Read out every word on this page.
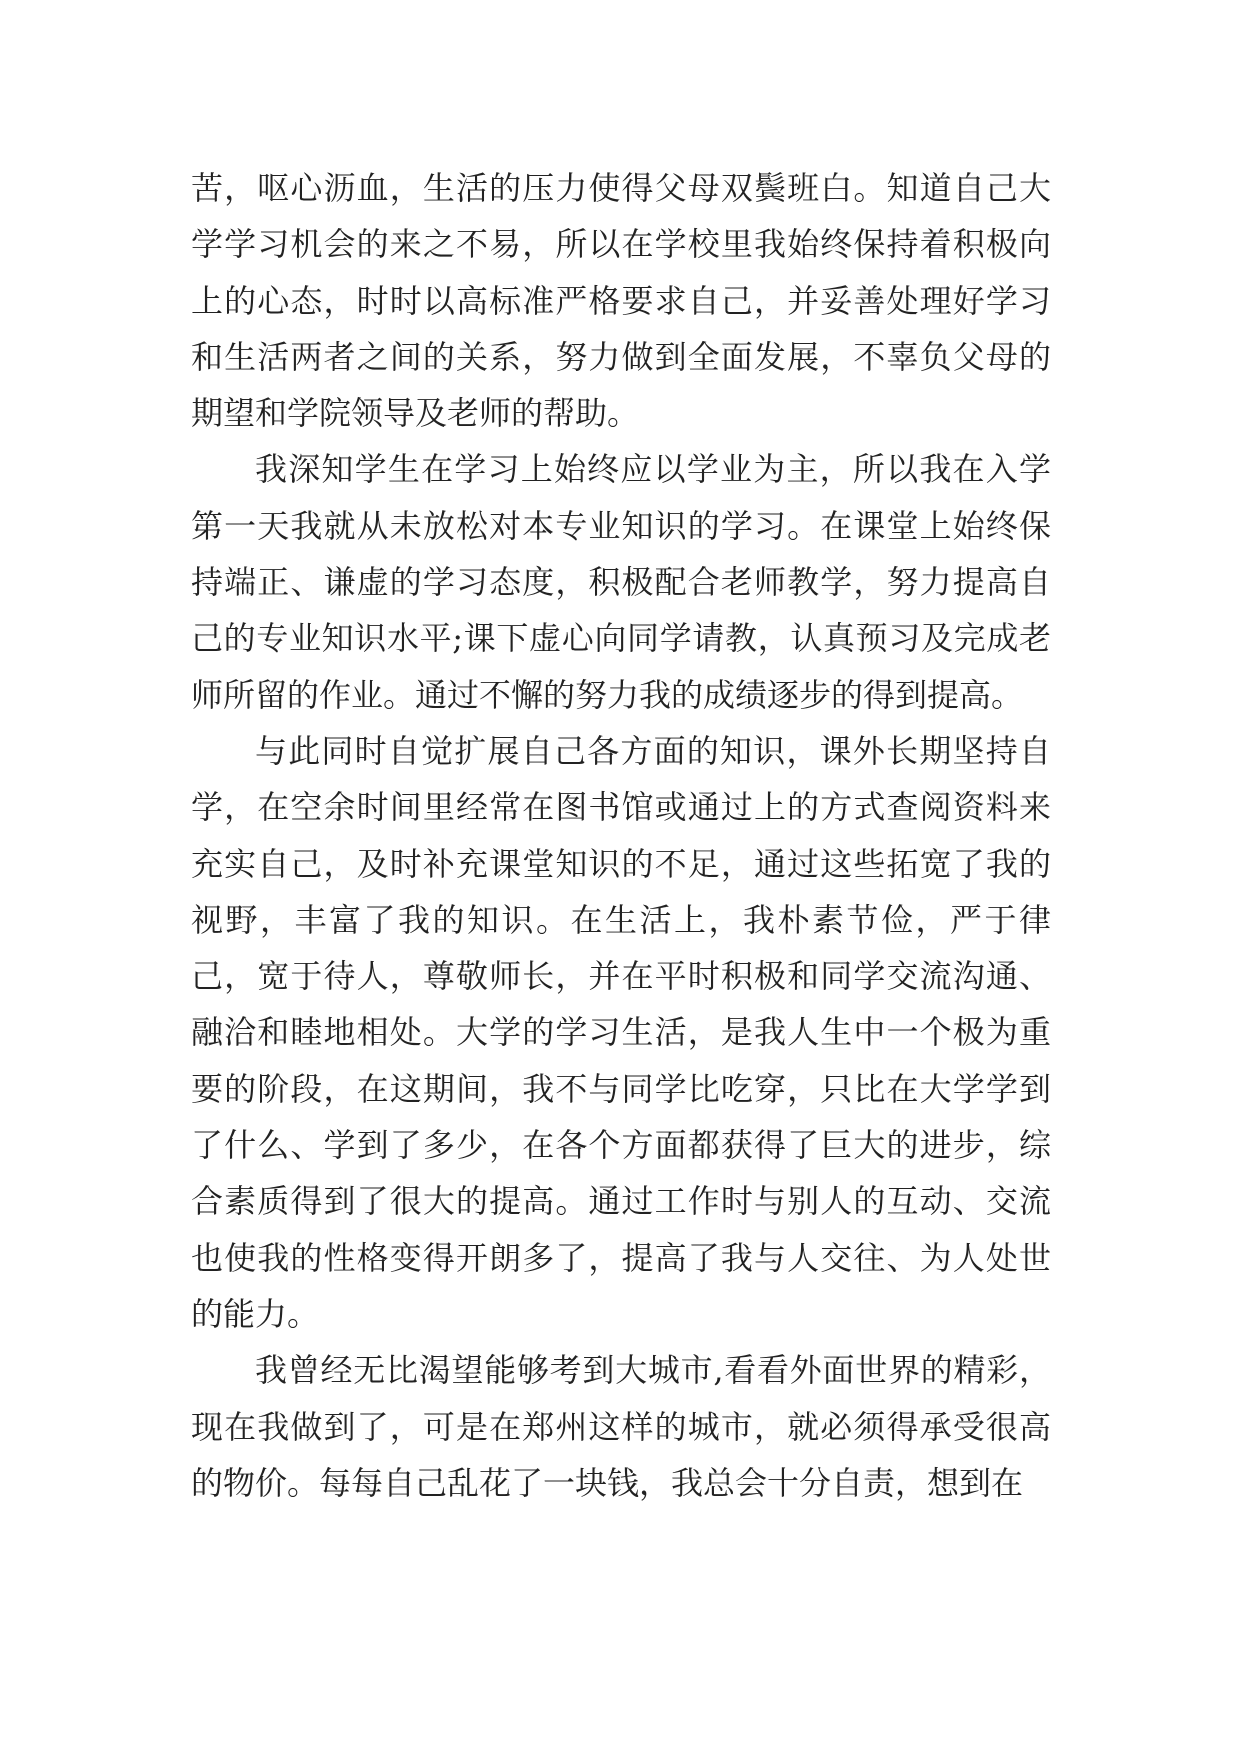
苦，呕心沥血，生活的压力使得父母双鬓班白。知道自己大学学习机会的来之不易，所以在学校里我始终保持着积极向上的心态，时时以高标准严格要求自己，并妥善处理好学习和生活两者之间的关系，努力做到全面发展，不辜负父母的期望和学院领导及老师的帮助。

我深知学生在学习上始终应以学业为主，所以我在入学第一天我就从未放松对本专业知识的学习。在课堂上始终保持端正、谦虚的学习态度，积极配合老师教学，努力提高自己的专业知识水平;课下虚心向同学请教，认真预习及完成老师所留的作业。通过不懈的努力我的成绩逐步的得到提高。

与此同时自觉扩展自己各方面的知识，课外长期坚持自学，在空余时间里经常在图书馆或通过上的方式查阅资料来充实自己，及时补充课堂知识的不足，通过这些拓宽了我的视野，丰富了我的知识。在生活上，我朴素节俭，严于律己，宽于待人，尊敬师长，并在平时积极和同学交流沟通、融洽和睦地相处。大学的学习生活，是我人生中一个极为重要的阶段，在这期间，我不与同学比吃穿，只比在大学学到了什么、学到了多少，在各个方面都获得了巨大的进步，综合素质得到了很大的提高。通过工作时与别人的互动、交流也使我的性格变得开朗多了，提高了我与人交往、为人处世的能力。

我曾经无比渴望能够考到大城市,看看外面世界的精彩，现在我做到了，可是在郑州这样的城市，就必须得承受很高的物价。每每自己乱花了一块钱，我总会十分自责，想到在
